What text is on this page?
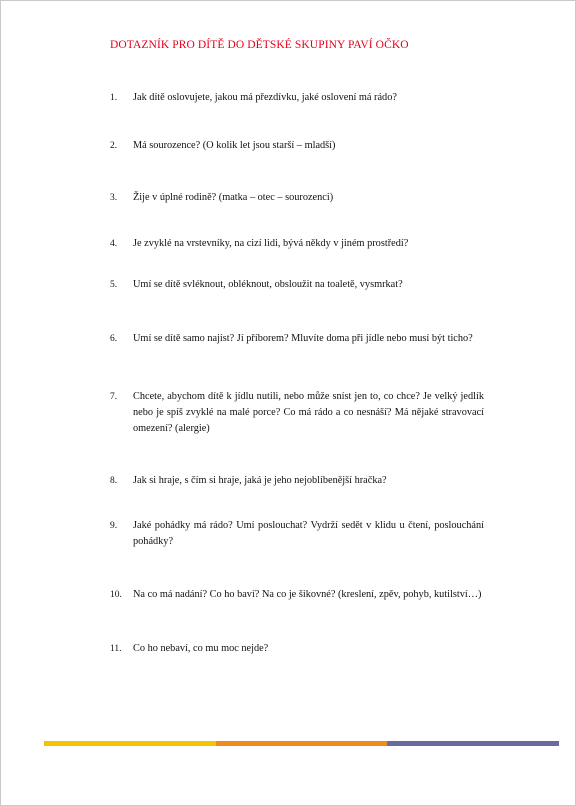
DOTAZNÍK PRO DÍTĚ DO DĚTSKÉ SKUPINY PAVÍ OČKO
1.	Jak dítě oslovujete, jakou má přezdívku, jaké oslovení má rádo?
2.	Má sourozence? (O kolik let jsou starší – mladší)
3.	Žije v úplné rodině? (matka – otec – sourozenci)
4.	Je zvyklé na vrstevníky, na cizí lidi, bývá někdy v jiném prostředí?
5.	Umí se dítě svléknout, obléknout, obsloužit na toaletě, vysmrkat?
6.	Umí se dítě samo najíst? Jí příborem? Mluvíte doma při jídle nebo musí být ticho?
7.	Chcete, abychom dítě k jídlu nutili, nebo může sníst jen to, co chce? Je velký jedlík nebo je spíš zvyklé na malé porce? Co má rádo a co nesnáší? Má nějaké stravovací omezení? (alergie)
8.	Jak si hraje, s čím si hraje, jaká je jeho nejoblíbenější hračka?
9.	Jaké pohádky má rádo? Umí poslouchat? Vydrží sedět v klidu u čtení, poslouchání pohádky?
10.	Na co má nadání? Co ho baví? Na co je šikovné? (kreslení, zpěv, pohyb, kutilství…)
11.	Co ho nebaví, co mu moc nejde?
